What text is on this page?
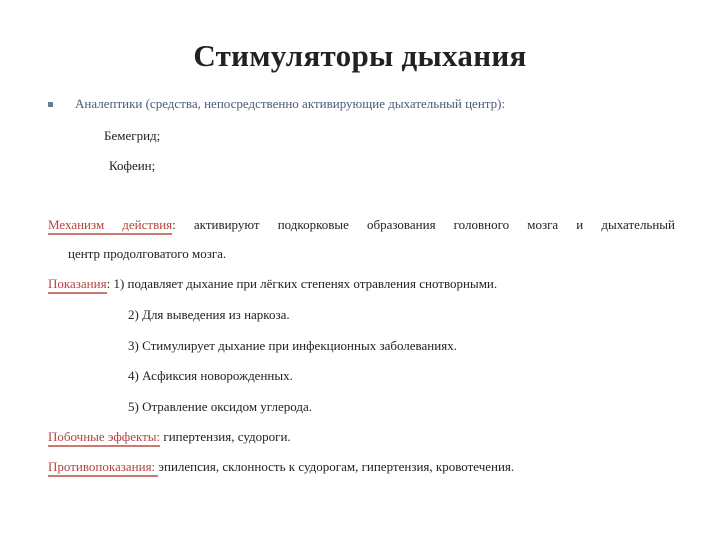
Стимуляторы дыхания
Аналептики (средства, непосредственно активирующие дыхательный центр):
Бемегрид;
Кофеин;
Механизм действия: активируют подкорковые образования головного мозга и дыхательный
центр продолговатого мозга.
Показания: 1) подавляет дыхание при лёгких степенях отравления снотворными.
2) Для выведения из наркоза.
3) Стимулирует дыхание при инфекционных заболеваниях.
4) Асфиксия новорожденных.
5) Отравление оксидом углерода.
Побочные эффекты: гипертензия, судороги.
Противопоказания: эпилепсия, склонность к судорогам, гипертензия, кровотечения.
